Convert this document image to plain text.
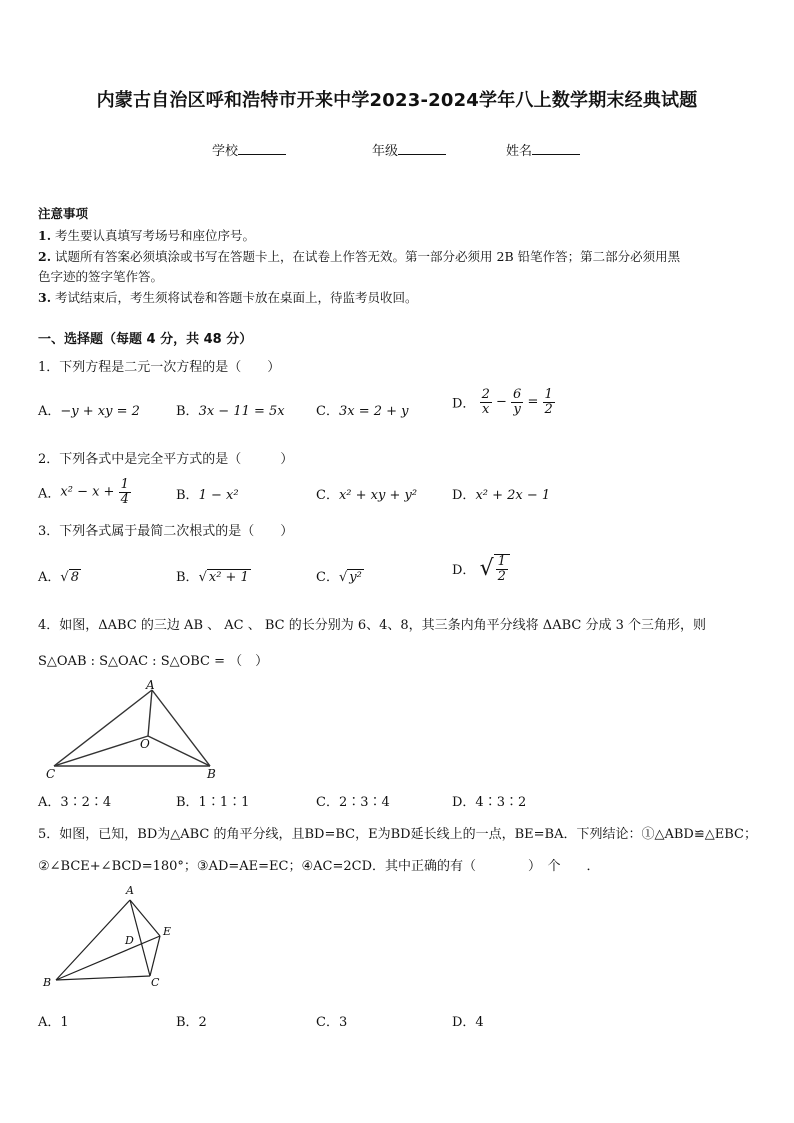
内蒙古自治区呼和浩特市开来中学2023-2024学年八上数学期末经典试题
学校	年级	姓名
注意事项
1. 考生要认真填写考场号和座位序号。
2. 试题所有答案必须填涂或书写在答题卡上，在试卷上作答无效。第一部分必须用 2B 铅笔作答；第二部分必须用黑
色字迹的签字笔作答。
3. 考试结束后，考生须将试卷和答题卡放在桌面上，待监考员收回。
一、选择题（每题 4 分，共 48 分）
1．下列方程是二元一次方程的是（　　）
A．−y + xy = 2	B．3x − 11 = 5x C．3x = 2 + y	D． $\frac{2}{x} - \frac{6}{y} = \frac{1}{2}$
2．下列各式中是完全平方式的是（　　　）
A．$x^2 - x + \frac{1}{4}$	B．1 − x²	C．x² + xy + y²	D．x² + 2x − 1
3．下列各式属于最简二次根式的是（　　）
A．√ 8	B．√ x² + 1	C．√ y²	D． √ $\frac{1}{2}$
4．如图，ΔABC 的三边 AB 、 AC 、 BC 的长分别为 6、4、8，其三条内角平分线将 ΔABC 分成 3 个三角形，则
S△OAB : S△OAC : S△OBC = （　）
A
O
B
C
A．3∶2∶4	B．1∶1∶1	C．2∶3∶4	D．4∶3∶2
5．如图，已知，BD为△ABC 的角平分线，且BD=BC，E为BD延长线上的一点，BE=BA．下列结论：①△ABD≌△EBC；
②∠BCE+∠BCD=180°；③AD=AE=EC；④AC=2CD．其中正确的有（　　　　）　个　　．
A
D
E
B	C
A．1	B．2	C．3	D．4
